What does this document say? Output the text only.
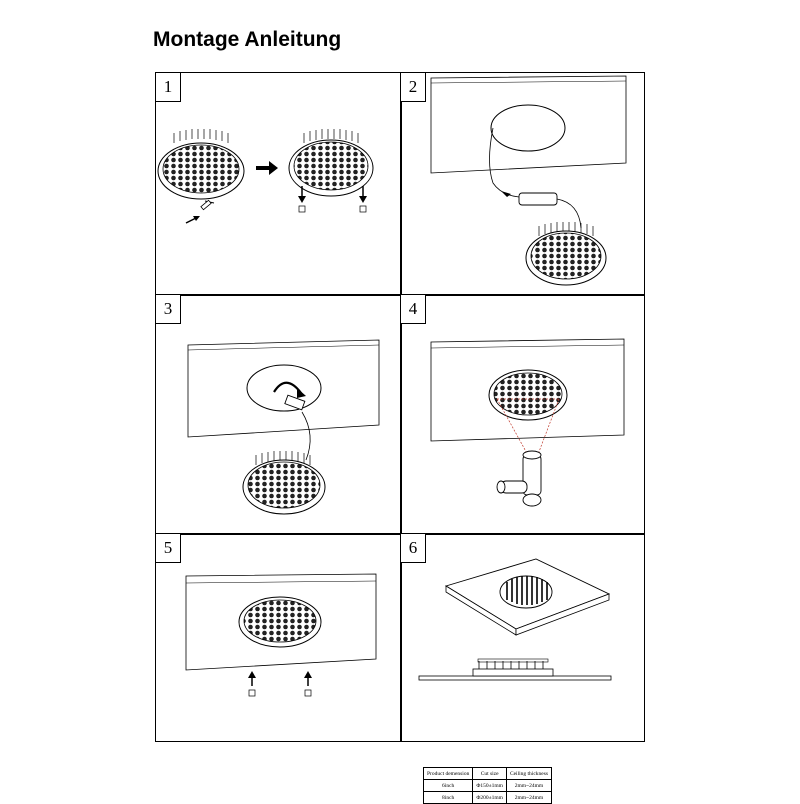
Montage Anleitung
1	2
3	4
5	6
Product demension	Cut size	Ceiling thickness
6inch	Φ150±1mm	2mm~24mm
8inch	Φ200±1mm	2mm~24mm
